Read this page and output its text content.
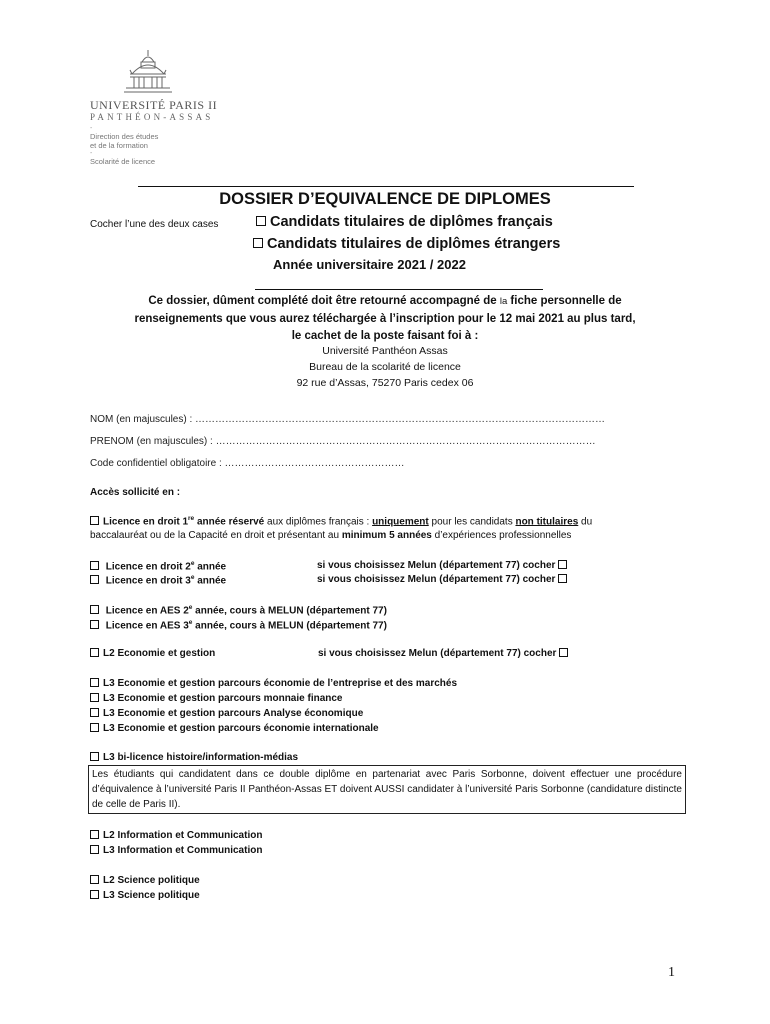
UNIVERSITÉ PARIS II
PANTHÉON-ASSAS
-
Direction des études
et de la formation
-
Scolarité de licence
DOSSIER D’EQUIVALENCE DE DIPLOMES
Cocher l’une des deux cases	Candidats titulaires de diplômes français
Candidats titulaires de diplômes étrangers
Année universitaire 2021 / 2022
Ce dossier, dûment complété doit être retourné accompagné de la fiche personnelle de
renseignements que vous aurez téléchargée à l’inscription pour le 12 mai 2021 au plus tard,
le cachet de la poste faisant foi à :
Université Panthéon Assas
Bureau de la scolarité de licence
92 rue d’Assas, 75270 Paris cedex 06
NOM (en majuscules) : ……………………………………………………………………………………………………………
PRENOM (en majuscules) : ……………………………………………………………………………………………………
Code confidentiel obligatoire : ………………………………………………
Accès sollicité en :
Licence en droit 1re année réservé aux diplômes français : uniquement pour les candidats non titulaires du
baccalauréat ou de la Capacité en droit et présentant au minimum 5 années d’expériences professionnelles
Licence en droit 2e année	si vous choisissez Melun (département 77) cocher
Licence en droit 3e année	si vous choisissez Melun (département 77) cocher
Licence en AES 2e année, cours à MELUN (département 77)
Licence en AES 3e année, cours à MELUN (département 77)
L2 Economie et gestion	si vous choisissez Melun (département 77) cocher
L3 Economie et gestion parcours économie de l’entreprise et des marchés
L3 Economie et gestion parcours monnaie finance
L3 Economie et gestion parcours Analyse économique
L3 Economie et gestion parcours économie internationale
L3 bi-licence histoire/information-médias
Les étudiants qui candidatent dans ce double diplôme en partenariat avec Paris Sorbonne, doivent effectuer une procédure d’équivalence à l’université Paris II Panthéon-Assas ET doivent AUSSI candidater à l’université Paris Sorbonne (candidature distincte de celle de Paris II).
L2 Information et Communication
L3 Information et Communication
L2 Science politique
L3 Science politique
1
